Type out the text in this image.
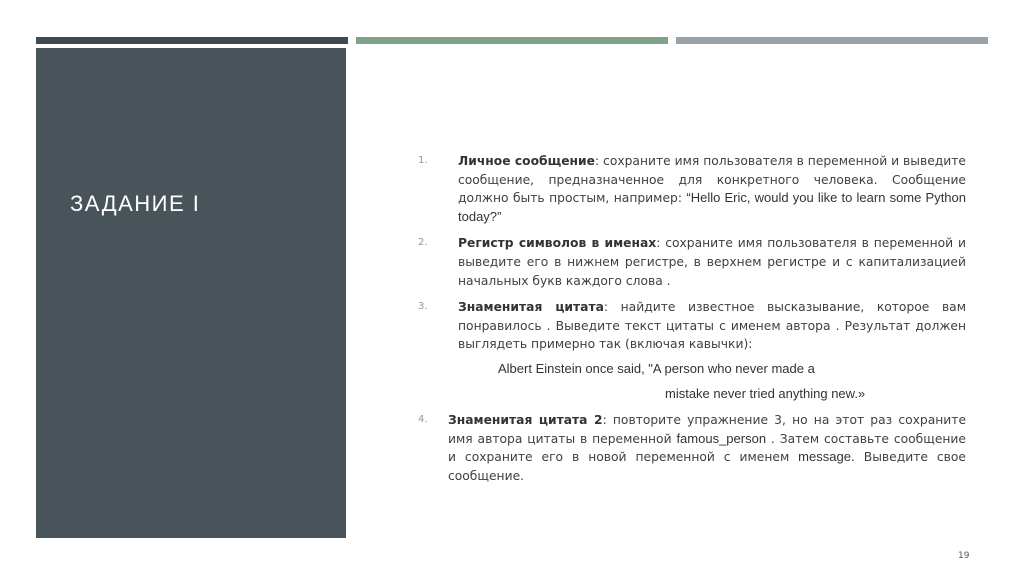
ЗАДАНИЕ I
1. Личное сообщение: сохраните имя пользователя в переменной и выведите сообщение, предназначенное для конкретного человека. Сообщение должно быть простым, например: “Hello Eric, would you like to learn some Python today?”
2. Регистр символов в именах: сохраните имя пользователя в переменной и выведите его в нижнем регистре, в верхнем регистре и с капитализацией начальных букв каждого слова .
3. Знаменитая цитата: найдите известное высказывание, которое вам понравилось . Выведите текст цитаты с именем автора . Результат должен выглядеть примерно так (включая кавычки):
Albert Einstein once said, "A person who never made a
mistake never tried anything new.»
4. Знаменитая цитата 2: повторите упражнение 3, но на этот раз сохраните имя автора цитаты в переменной famous_person . Затем составьте сообщение и сохраните его в новой переменной с именем message. Выведите свое сообщение.
19
